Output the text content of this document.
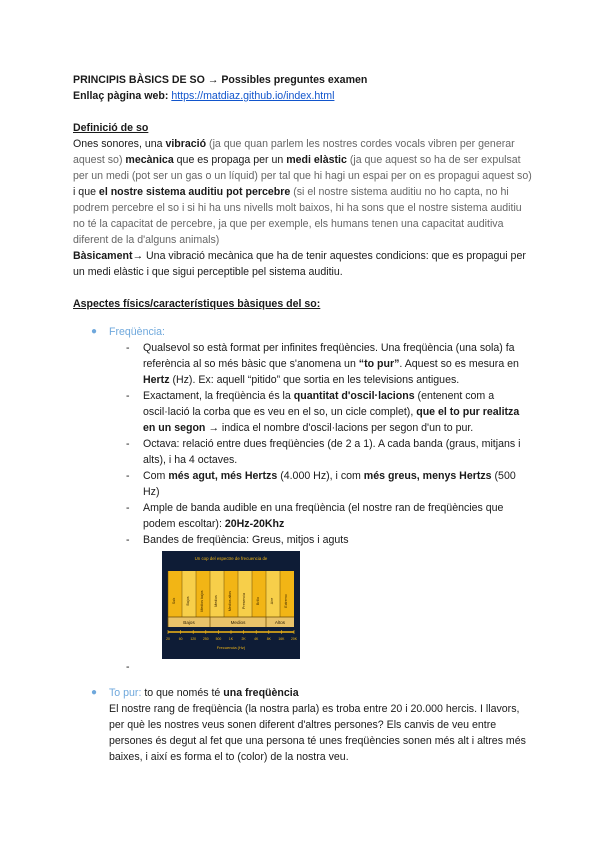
PRINCIPIS BÀSICS DE SO → Possibles preguntes examen
Enllaç pàgina web: https://matdiaz.github.io/index.html
Definició de so
Ones sonores, una vibració (ja que quan parlem les nostres cordes vocals vibren per generar aquest so) mecànica que es propaga per un medi elàstic (ja que aquest so ha de ser expulsat per un medi (pot ser un gas o un líquid) per tal que hi hagi un espai per on es propagui aquest so) i que el nostre sistema auditiu pot percebre (si el nostre sistema auditiu no ho capta, no hi podrem percebre el so i si hi ha uns nivells molt baixos, hi ha sons que el nostre sistema auditiu no té la capacitat de percebre, ja que per exemple, els humans tenen una capacitat auditiva diferent de la d'alguns animals)
Bàsicament→ Una vibració mecànica que ha de tenir aquestes condicions: que es propagui per un medi elàstic i que sigui perceptible pel sistema auditiu.
Aspectes físics/característiques bàsiques del so:
● Freqüència:
- Qualsevol so està format per infinites freqüències. Una freqüència (una sola) fa referència al so més bàsic que s'anomena un “to pur”. Aquest so es mesura en Hertz (Hz). Ex: aquell “pitido” que sortia en les televisions antigues.
- Exactament, la freqüència és la quantitat d'oscil·lacions (entenent com a oscil·lació la corba que es veu en el so, un cicle complet), que el to pur realitza en un segon → indica el nombre d'oscil·lacions per segon d'un to pur.
- Octava: relació entre dues freqüències (de 2 a 1). A cada banda (graus, mitjans i alts), i ha 4 octaves.
- Com més agut, més Hertzs (4.000 Hz), i com més greus, menys Hertzs (500 Hz)
- Ample de banda audible en una freqüència (el nostre ran de freqüències que podem escoltar): 20Hz-20Khz
- Bandes de freqüència: Greus, mitjos i aguts
Un cop del espectre de frecuencia de
Sub	Bajos	Medios bajos	Medios	Medios altos	Presencia	Brillo	Aire	Extremo
Bajos	Medios	Altos
20	60 120 250 500 1K 2K 4K 8K 16K 20K
Frecuencia (Hz)
-

● To pur: to que només té una freqüència
El nostre rang de freqüència (la nostra parla) es troba entre 20 i 20.000 hercis. I llavors, per què les nostres veus sonen diferent d'altres persones? Els canvis de veu entre persones és degut al fet que una persona té unes freqüències sonen més alt i altres més baixes, i així es forma el to (color) de la nostra veu.
